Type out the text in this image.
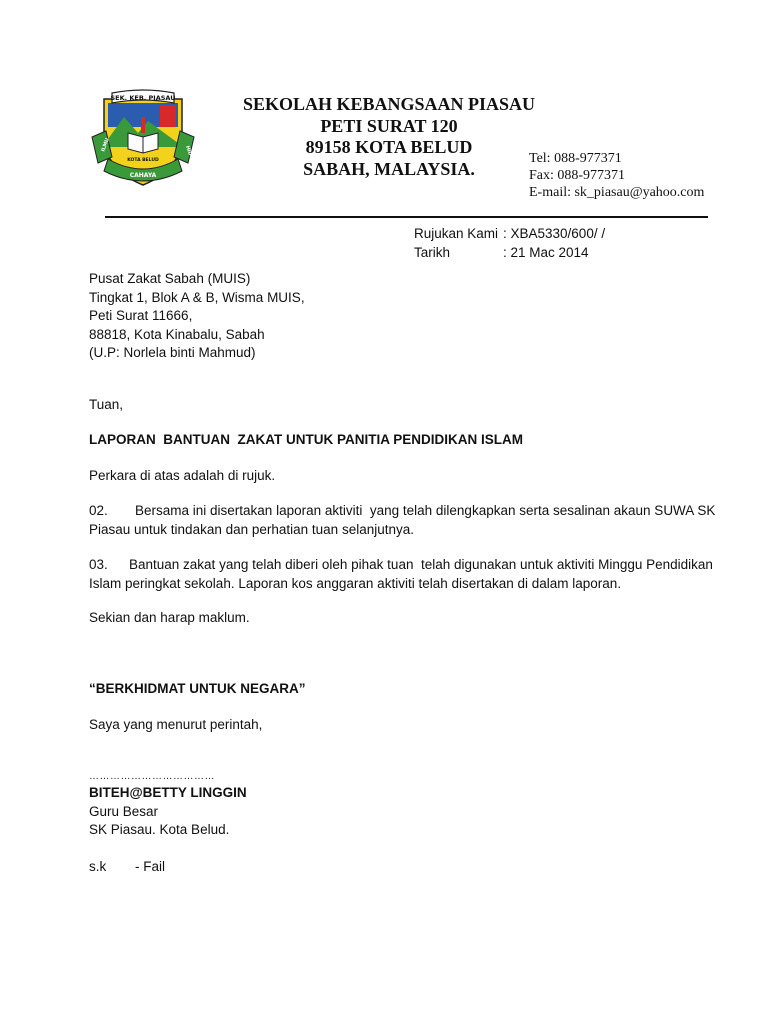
SEK. KEB. PIASAU
KOTA BELUD
ILMU
CAHAYA
HIDUP
SEKOLAH KEBANGSAAN PIASAU
PETI SURAT 120
89158 KOTA BELUD
SABAH, MALAYSIA.	Tel: 088-977371
Fax: 088-977371
E-mail: sk_piasau@yahoo.com
Rujukan Kami : XBA5330/600/ /
Tarikh	: 21 Mac 2014
Pusat Zakat Sabah (MUIS)
Tingkat 1, Blok A & B, Wisma MUIS,
Peti Surat 11666,
88818, Kota Kinabalu, Sabah
(U.P: Norlela binti Mahmud)
Tuan,
LAPORAN  BANTUAN  ZAKAT UNTUK PANITIA PENDIDIKAN ISLAM
Perkara di atas adalah di rujuk.
02. Bersama ini disertakan laporan aktiviti  yang telah dilengkapkan serta sesalinan akaun SUWA SK
Piasau untuk tindakan dan perhatian tuan selanjutnya.
03. Bantuan zakat yang telah diberi oleh pihak tuan  telah digunakan untuk aktiviti Minggu Pendidikan
Islam peringkat sekolah. Laporan kos anggaran aktiviti telah disertakan di dalam laporan.
Sekian dan harap maklum.
“BERKHIDMAT UNTUK NEGARA”
Saya yang menurut perintah,
………………………………
BITEH@BETTY LINGGIN
Guru Besar
SK Piasau. Kota Belud.
s.k - Fail
